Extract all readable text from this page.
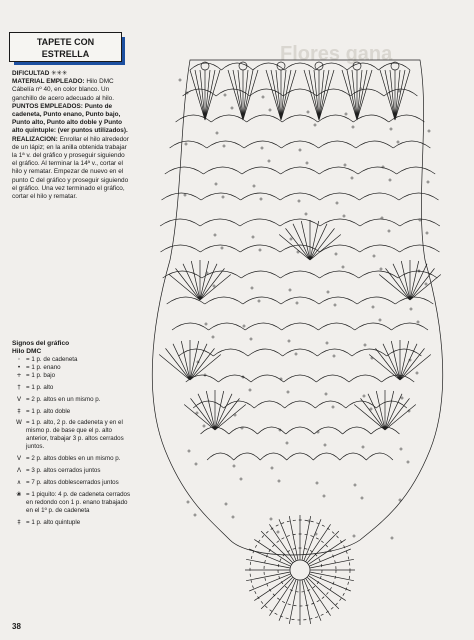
TAPETE CON
ESTRELLA

DIFICULTAD ✳✳✳

MATERIAL EMPLEADO: Hilo DMC Cábelía nº 40, en color blanco. Un ganchillo de acero adecuado al hilo.

PUNTOS EMPLEADOS: Punto de cadeneta, Punto enano, Punto bajo, Punto alto, Punto alto doble y Punto alto quintuple: (ver puntos utilizados).

REALIZACION: Enrollar el hilo alrededor de un lápiz; en la anilla obtenida trabajar la 1ª v. del gráfico y proseguir siguiendo el gráfico. Al terminar la 14ª v., cortar el hilo y rematar. Empezar de nuevo en el punto C del gráfico y proseguir siguiendo el gráfico. Una vez terminado el gráfico, cortar el hilo y rematar.

Signos del gráfico
Hilo DMC
◦ = 1 p. de cadeneta
• = 1 p. enano
+ = 1 p. bajo
† = 1 p. alto
V = 2 p. altos en un mismo p.
‡ = 1 p. alto doble
W = 1 p. alto, 2 p. de cadeneta y en el mismo p. de base que el p. alto anterior, trabajar 3 p. altos cerrados juntos.
V = 2 p. altos dobles en un mismo p.
Λ = 3 p. altos cerrados juntos
∧ = 7 p. altos doblescerrados juntos
❀ = 1 piquito: 4 p. de cadeneta cerrados en redondo con 1 p. enano trabajado en el 1º p. de cadeneta
‡ = 1 p. alto quintuple
38
Flores gana
